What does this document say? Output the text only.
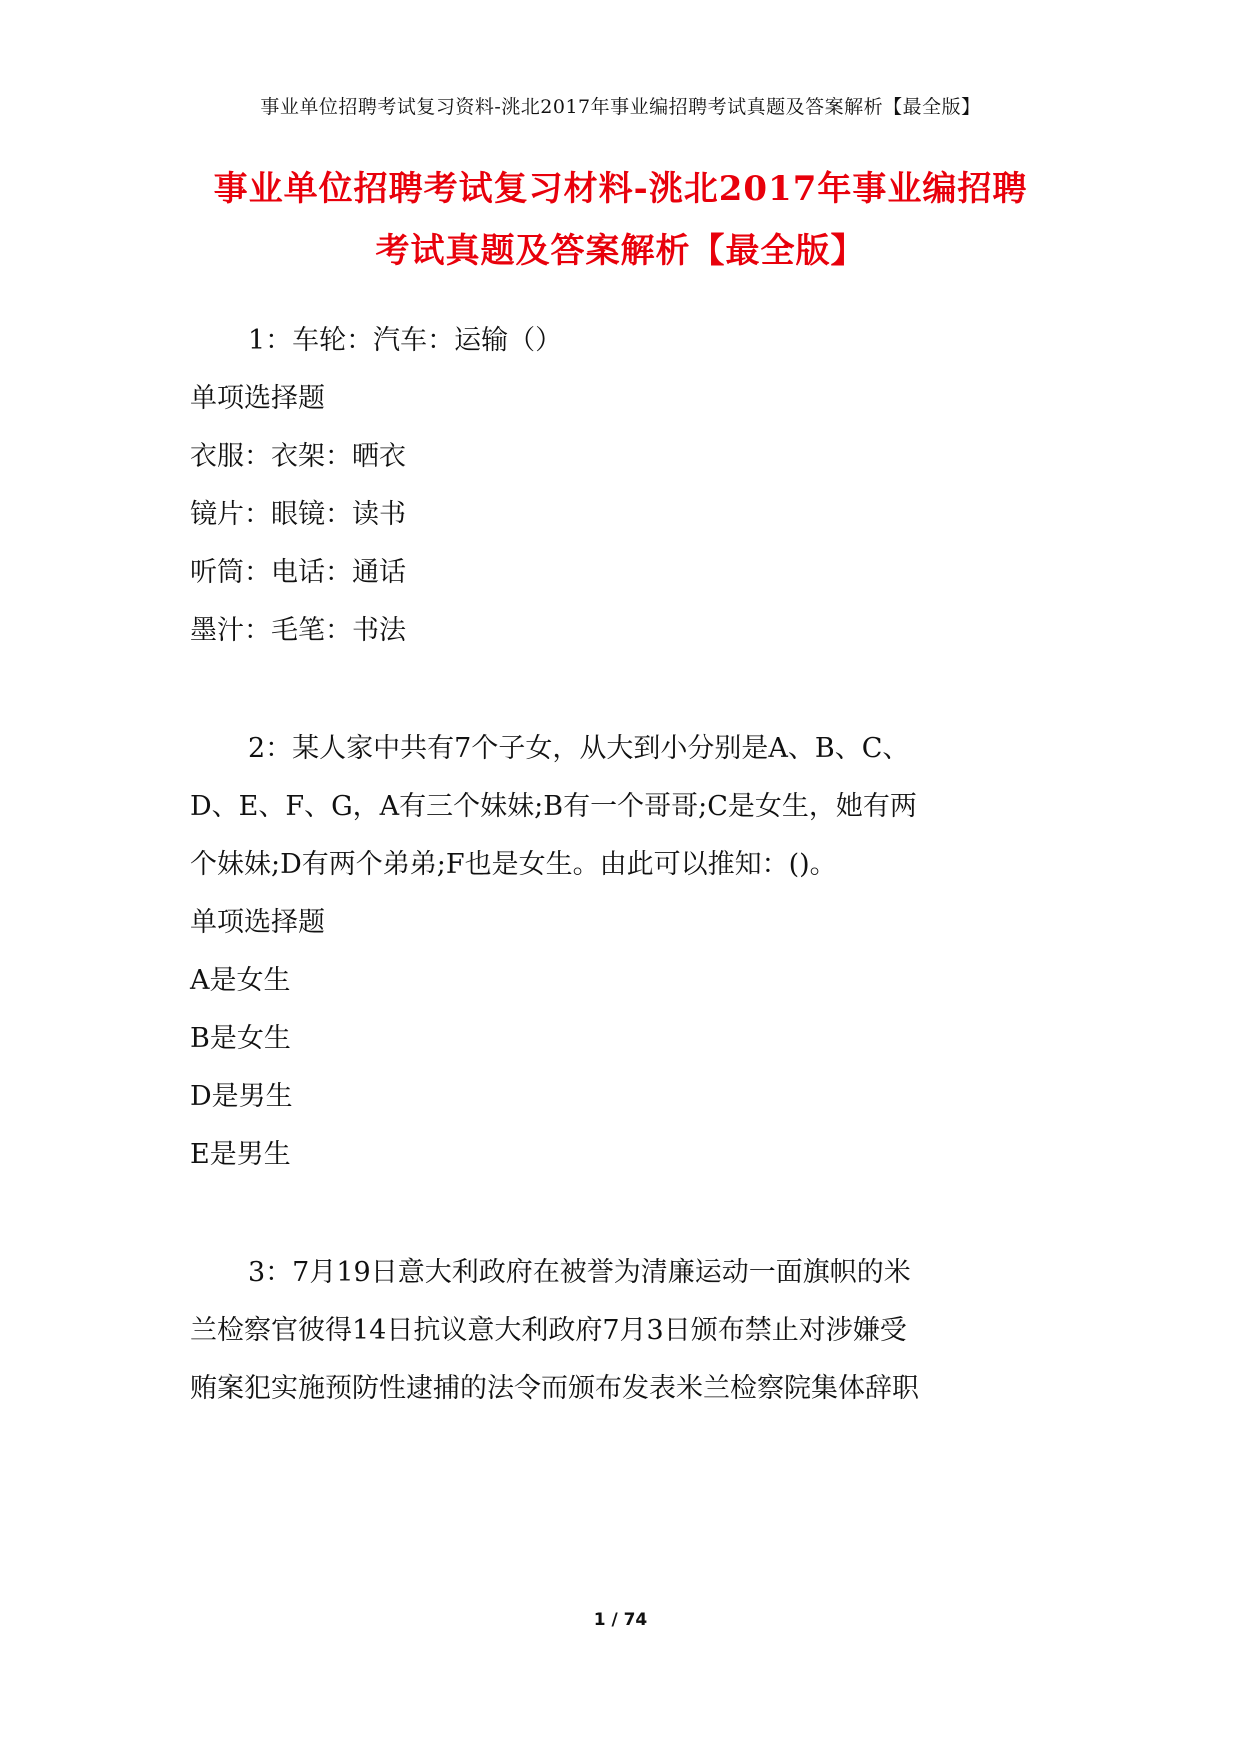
事业单位招聘考试复习资料-洮北2017年事业编招聘考试真题及答案解析【最全版】
事业单位招聘考试复习材料-洮北2017年事业编招聘
考试真题及答案解析【最全版】
1：车轮：汽车：运输（）
单项选择题
衣服：衣架：晒衣
镜片：眼镜：读书
听筒：电话：通话
墨汁：毛笔：书法
2：某人家中共有7个子女，从大到小分别是A、B、C、
D、E、F、G，A有三个妹妹;B有一个哥哥;C是女生，她有两
个妹妹;D有两个弟弟;F也是女生。由此可以推知：()。
单项选择题
A是女生
B是女生
D是男生
E是男生
3：7月19日意大利政府在被誉为清廉运动一面旗帜的米
兰检察官彼得14日抗议意大利政府7月3日颁布禁止对涉嫌受
贿案犯实施预防性逮捕的法令而颁布发表米兰检察院集体辞职
1 / 74
